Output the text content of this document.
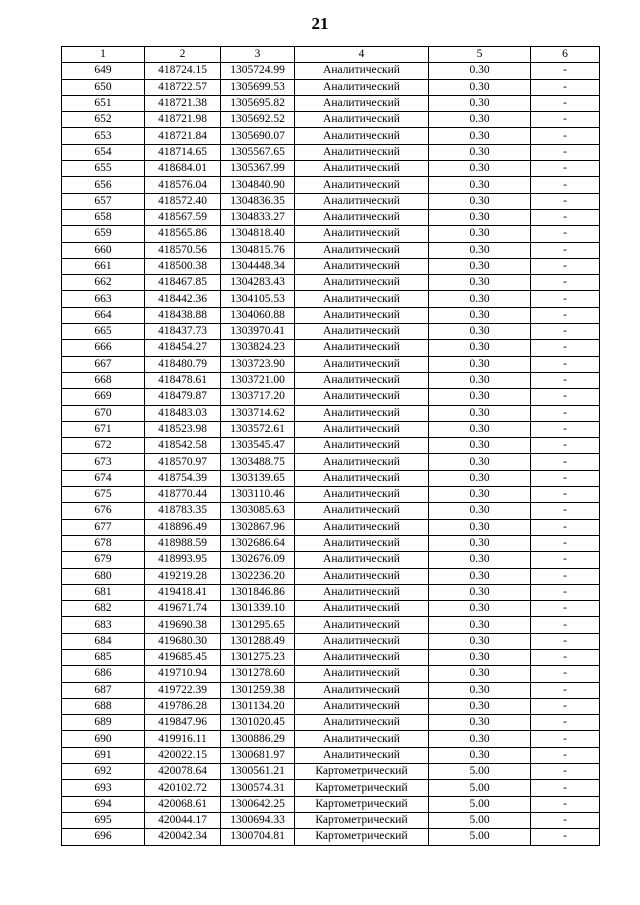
21
1	2	3	4	5	6
649	418724.15	1305724.99	Аналитический	0.30	-
650	418722.57	1305699.53	Аналитический	0.30	-
651	418721.38	1305695.82	Аналитический	0.30	-
652	418721.98	1305692.52	Аналитический	0.30	-
653	418721.84	1305690.07	Аналитический	0.30	-
654	418714.65	1305567.65	Аналитический	0.30	-
655	418684.01	1305367.99	Аналитический	0.30	-
656	418576.04	1304840.90	Аналитический	0.30	-
657	418572.40	1304836.35	Аналитический	0.30	-
658	418567.59	1304833.27	Аналитический	0.30	-
659	418565.86	1304818.40	Аналитический	0.30	-
660	418570.56	1304815.76	Аналитический	0.30	-
661	418500.38	1304448.34	Аналитический	0.30	-
662	418467.85	1304283.43	Аналитический	0.30	-
663	418442.36	1304105.53	Аналитический	0.30	-
664	418438.88	1304060.88	Аналитический	0.30	-
665	418437.73	1303970.41	Аналитический	0.30	-
666	418454.27	1303824.23	Аналитический	0.30	-
667	418480.79	1303723.90	Аналитический	0.30	-
668	418478.61	1303721.00	Аналитический	0.30	-
669	418479.87	1303717.20	Аналитический	0.30	-
670	418483.03	1303714.62	Аналитический	0.30	-
671	418523.98	1303572.61	Аналитический	0.30	-
672	418542.58	1303545.47	Аналитический	0.30	-
673	418570.97	1303488.75	Аналитический	0.30	-
674	418754.39	1303139.65	Аналитический	0.30	-
675	418770.44	1303110.46	Аналитический	0.30	-
676	418783.35	1303085.63	Аналитический	0.30	-
677	418896.49	1302867.96	Аналитический	0.30	-
678	418988.59	1302686.64	Аналитический	0.30	-
679	418993.95	1302676.09	Аналитический	0.30	-
680	419219.28	1302236.20	Аналитический	0.30	-
681	419418.41	1301846.86	Аналитический	0.30	-
682	419671.74	1301339.10	Аналитический	0.30	-
683	419690.38	1301295.65	Аналитический	0.30	-
684	419680.30	1301288.49	Аналитический	0.30	-
685	419685.45	1301275.23	Аналитический	0.30	-
686	419710.94	1301278.60	Аналитический	0.30	-
687	419722.39	1301259.38	Аналитический	0.30	-
688	419786.28	1301134.20	Аналитический	0.30	-
689	419847.96	1301020.45	Аналитический	0.30	-
690	419916.11	1300886.29	Аналитический	0.30	-
691	420022.15	1300681.97	Аналитический	0.30	-
692	420078.64	1300561.21	Картометрический	5.00	-
693	420102.72	1300574.31	Картометрический	5.00	-
694	420068.61	1300642.25	Картометрический	5.00	-
695	420044.17	1300694.33	Картометрический	5.00	-
696	420042.34	1300704.81	Картометрический	5.00	-
